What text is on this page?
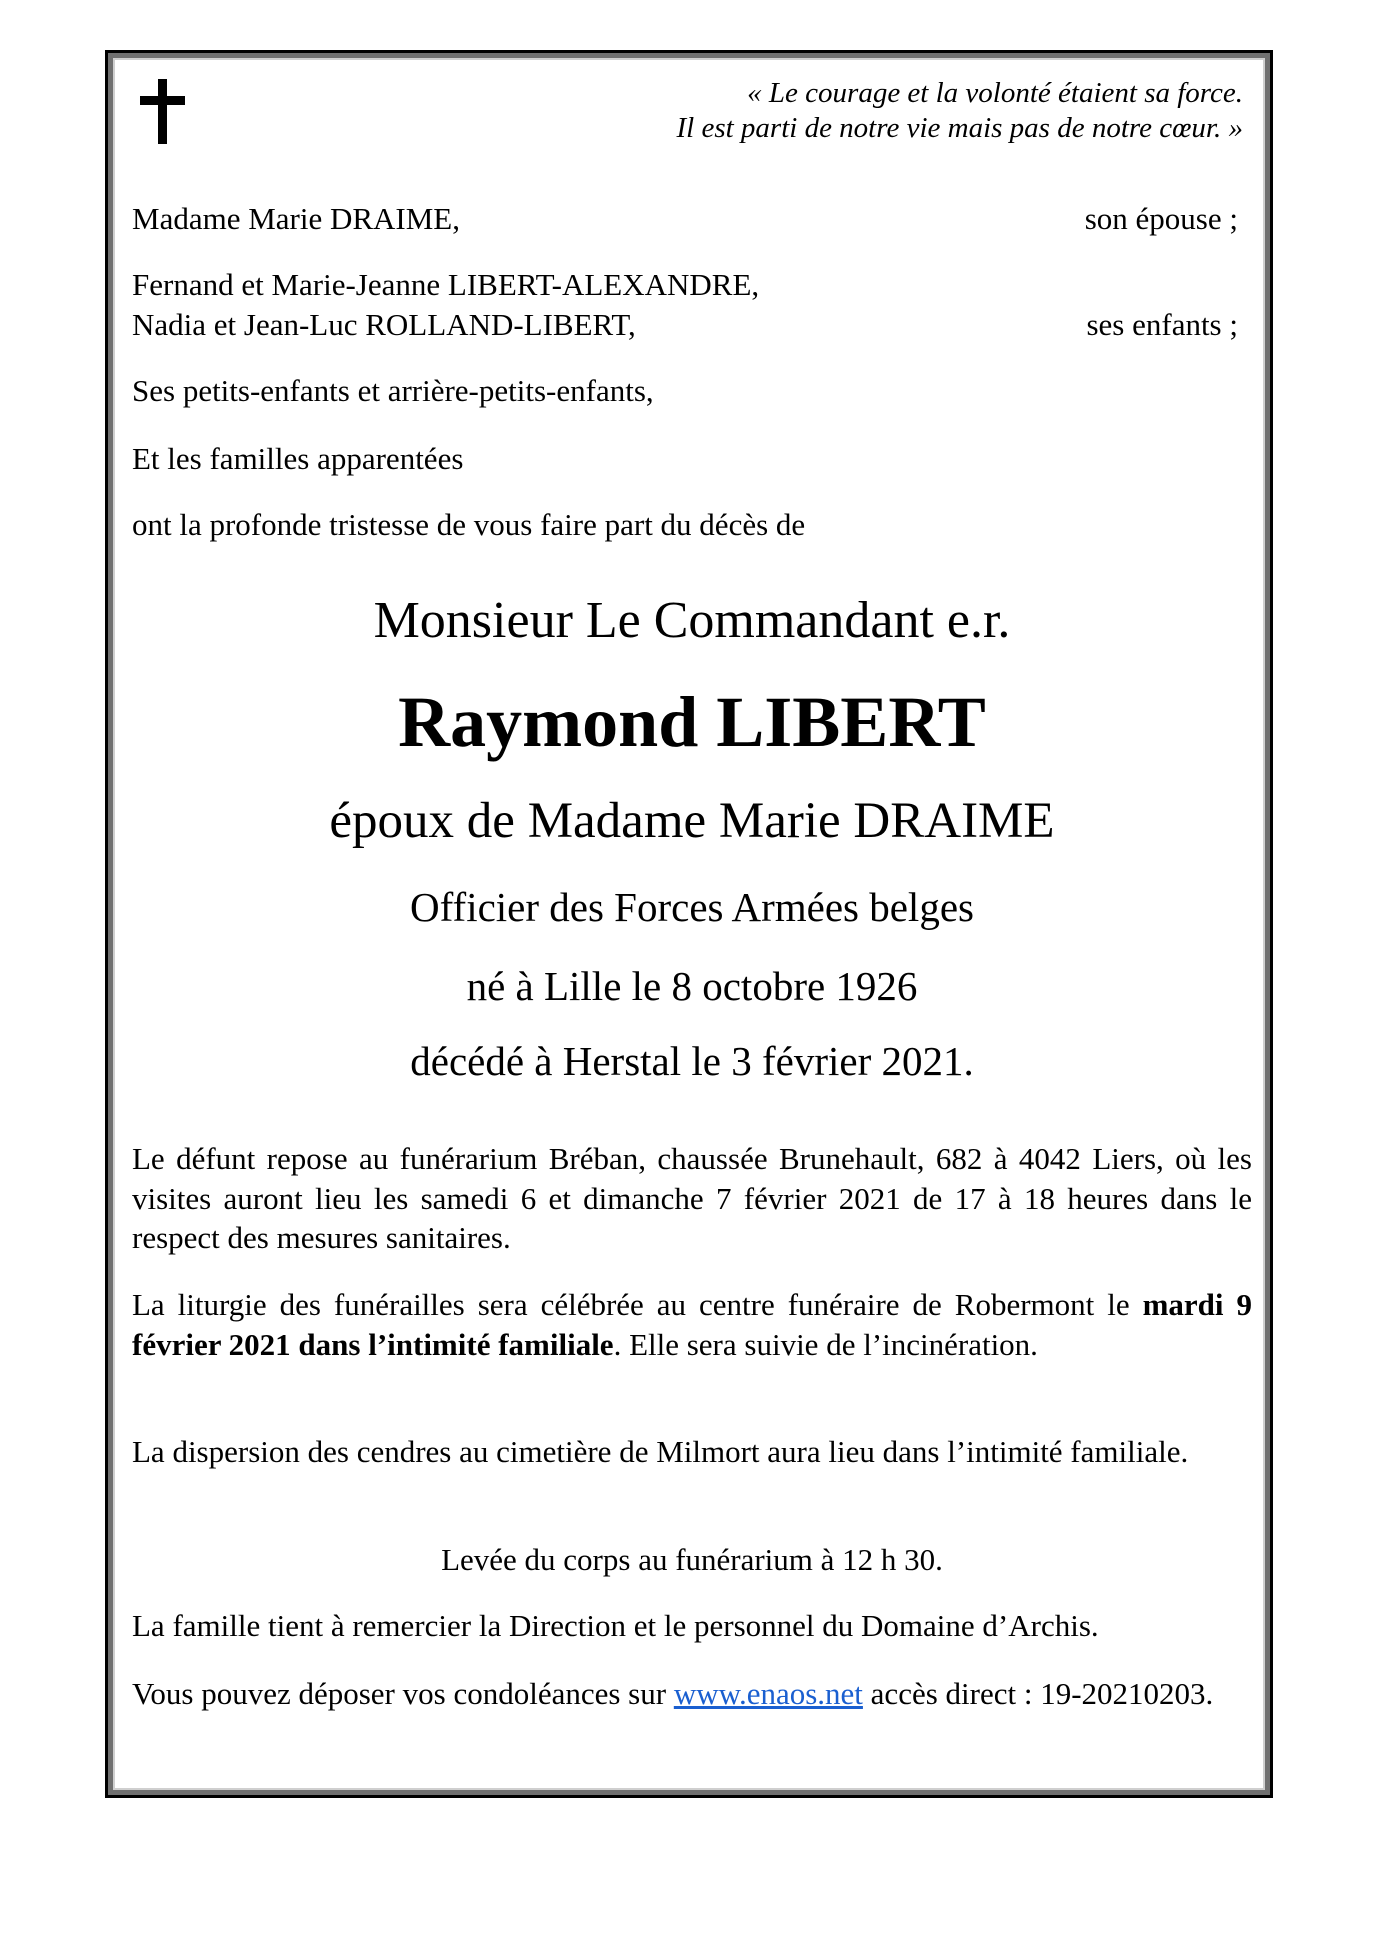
« Le courage et la volonté étaient sa force.
Il est parti de notre vie mais pas de notre cœur. »
Madame Marie DRAIME,	son épouse ;
Fernand et Marie-Jeanne LIBERT-ALEXANDRE,
Nadia et Jean-Luc ROLLAND-LIBERT,	ses enfants ;
Ses petits-enfants et arrière-petits-enfants,
Et les familles apparentées
ont la profonde tristesse de vous faire part du décès de
Monsieur Le Commandant e.r.
Raymond LIBERT
époux de Madame Marie DRAIME
Officier des Forces Armées belges
né à Lille le 8 octobre 1926
décédé à Herstal le 3 février 2021.
Le défunt repose au funérarium Bréban, chaussée Brunehault, 682 à 4042 Liers, où les visites auront lieu les samedi 6 et dimanche 7 février 2021 de 17 à 18 heures dans le respect des mesures sanitaires.
La liturgie des funérailles sera célébrée au centre funéraire de Robermont le mardi 9 février 2021 dans l’intimité familiale. Elle sera suivie de l’incinération.
La dispersion des cendres au cimetière de Milmort aura lieu dans l’intimité familiale.
Levée du corps au funérarium à 12 h 30.
La famille tient à remercier la Direction et le personnel du Domaine d’Archis.
Vous pouvez déposer vos condoléances sur www.enaos.net accès direct : 19-20210203.
